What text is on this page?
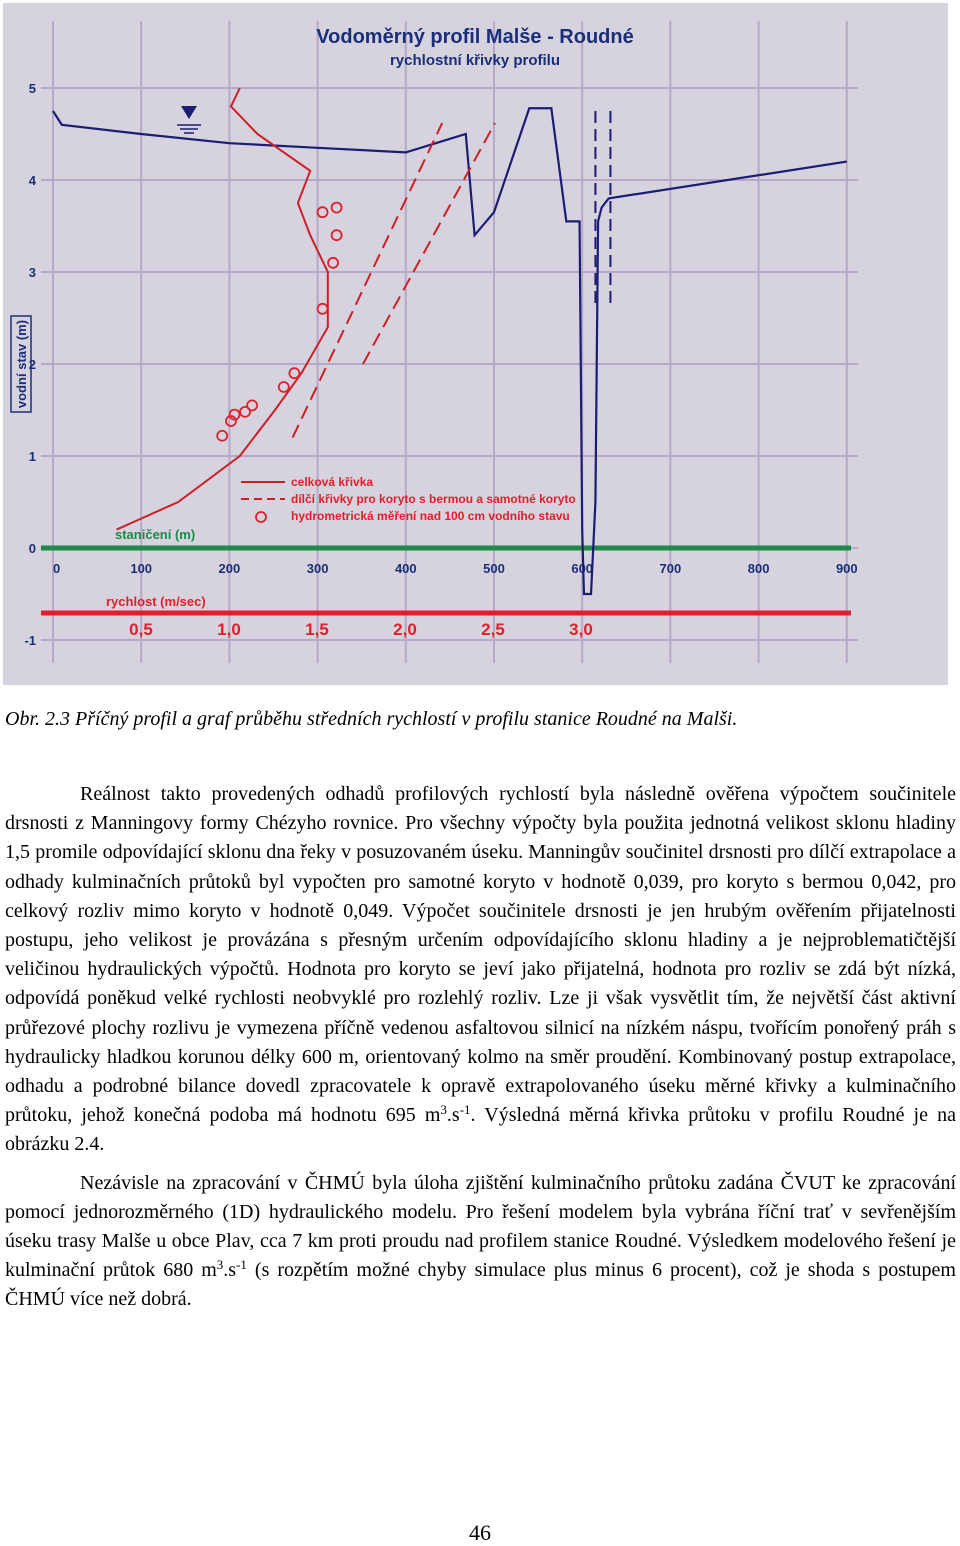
Vodoměrný profil Malše - Roudné
rychlostní křivky profilu
-1
0
1
2
3
4
5
vodní stav (m)
staničení (m)
0	100	200	300	400	500	600	700	800	900
rychlost (m/sec)
0,5	1,0	1,5	2,0	2,5	3,0
celková křivka
dílčí křivky pro koryto s bermou a samotné koryto
hydrometrická měření nad 100 cm vodního stavu
Obr. 2.3 Příčný profil a graf průběhu středních rychlostí v profilu stanice Roudné na Malši.

Reálnost takto provedených odhadů profilových rychlostí byla následně ověřena výpočtem součinitele drsnosti z Manningovy formy Chézyho rovnice. Pro všechny výpočty byla použita jednotná velikost sklonu hladiny 1,5 promile odpovídající sklonu dna řeky v posuzovaném úseku. Manningův součinitel drsnosti pro dílčí extrapolace a odhady kulminačních průtoků byl vypočten pro samotné koryto v hodnotě 0,039, pro koryto s bermou 0,042, pro celkový rozliv mimo koryto v hodnotě 0,049. Výpočet součinitele drsnosti je jen hrubým ověřením přijatelnosti postupu, jeho velikost je provázána s přesným určením odpovídajícího sklonu hladiny a je nejproblematičtější veličinou hydraulických výpočtů. Hodnota pro koryto se jeví jako přijatelná, hodnota pro rozliv se zdá být nízká, odpovídá poněkud velké rychlosti neobvyklé pro rozlehlý rozliv. Lze ji však vysvětlit tím, že největší část aktivní průřezové plochy rozlivu je vymezena příčně vedenou asfaltovou silnicí na nízkém náspu, tvořícím ponořený práh s hydraulicky hladkou korunou délky 600 m, orientovaný kolmo na směr proudění. Kombinovaný postup extrapolace, odhadu a podrobné bilance dovedl zpracovatele k opravě extrapolovaného úseku měrné křivky a kulminačního průtoku, jehož konečná podoba má hodnotu 695 $m^3.s^{-1}$. Výsledná měrná křivka průtoku v profilu Roudné je na obrázku 2.4.

Nezávisle na zpracování v ČHMÚ byla úloha zjištění kulminačního průtoku zadána ČVUT ke zpracování pomocí jednorozměrného (1D) hydraulického modelu. Pro řešení modelem byla vybrána říční trať v sevřenějším úseku trasy Malše u obce Plav, cca 7 km proti proudu nad profilem stanice Roudné. Výsledkem modelového řešení je kulminační průtok 680 $m^3.s^{-1}$ (s rozpětím možné chyby simulace plus minus 6 procent), což je shoda s postupem ČHMÚ více než dobrá.

46
